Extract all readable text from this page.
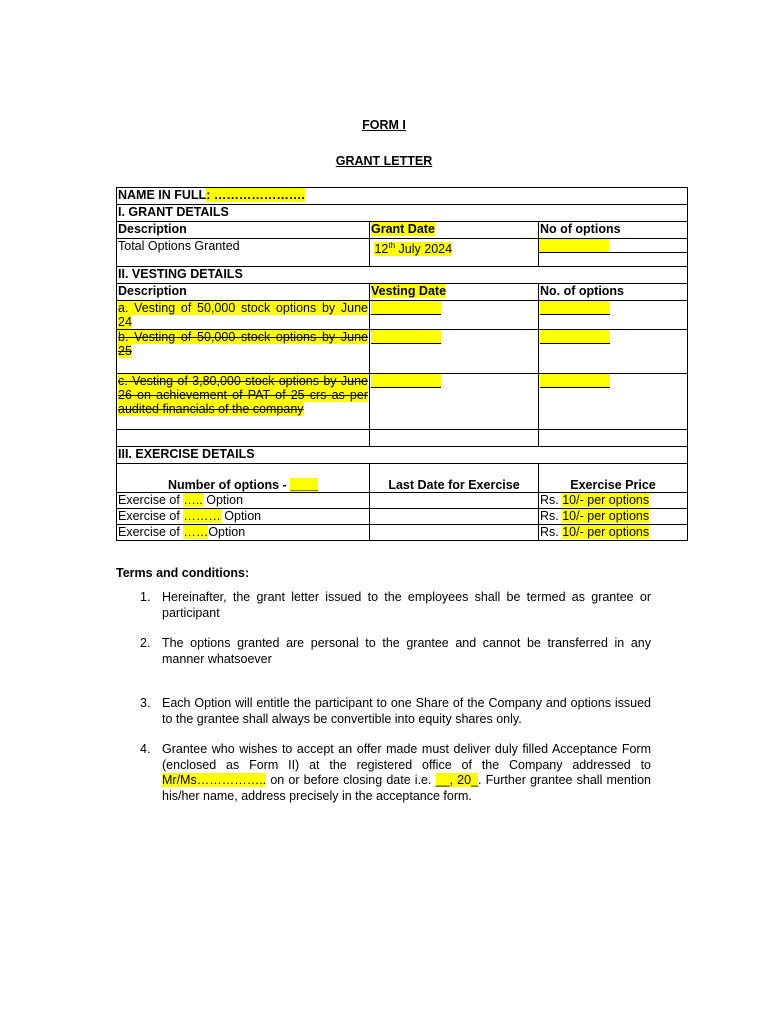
FORM I
GRANT LETTER
NAME IN FULL: ………………….		
I. GRANT DETAILS		
Description	Grant Date	No of options
Total Options Granted	12th July 2024	

II. VESTING DETAILS		
Description	Vesting Date	No. of options
a. Vesting of 50,000 stock options by June 24		
b. Vesting of 50,000 stock options by June 25		
c. Vesting of 3,80,000 stock options by June 26 on achievement of PAT of 25 crs as per audited financials of the company		

III. EXERCISE DETAILS		
Number of options - ____	Last Date for Exercise	Exercise Price
Exercise of ….. Option		Rs. 10/- per options
Exercise of ……… Option		Rs. 10/- per options
Exercise of ……Option		Rs. 10/- per options
Terms and conditions:
1. Hereinafter, the grant letter issued to the employees shall be termed as grantee or participant
2. The options granted are personal to the grantee and cannot be transferred in any manner whatsoever
3. Each Option will entitle the participant to one Share of the Company and options issued to the grantee shall always be convertible into equity shares only.
4. Grantee who wishes to accept an offer made must deliver duly filled Acceptance Form (enclosed as Form II) at the registered office of the Company addressed to Mr/Ms…………….. on or before closing date i.e. __, 20_. Further grantee shall mention his/her name, address precisely in the acceptance form.
